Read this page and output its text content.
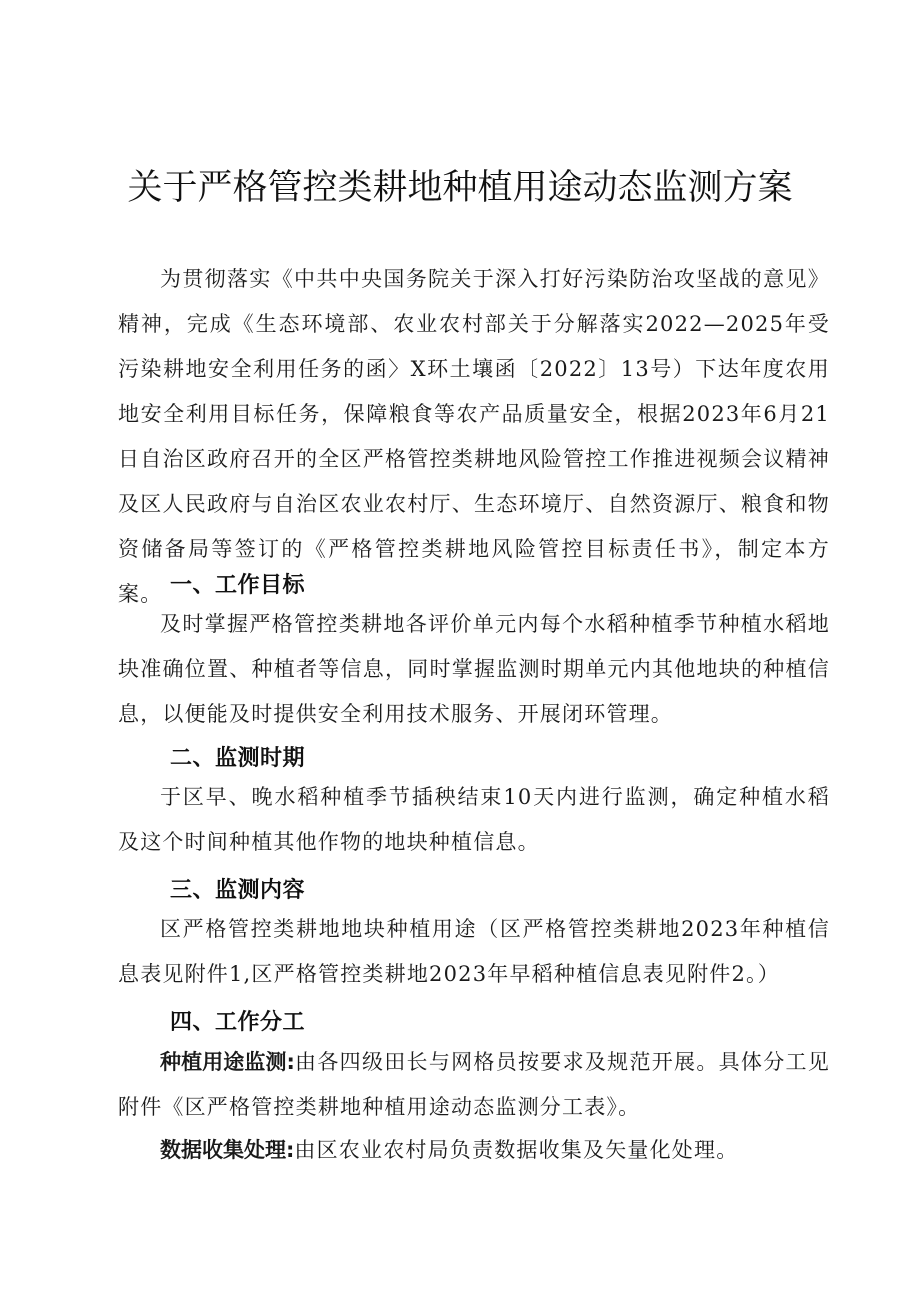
关于严格管控类耕地种植用途动态监测方案
为贯彻落实《中共中央国务院关于深入打好污染防治攻坚战的意见》精神，完成《生态环境部、农业农村部关于分解落实2022—2025年受污染耕地安全利用任务的函〉X环土壤函〔2022〕13号）下达年度农用地安全利用目标任务，保障粮食等农产品质量安全，根据2023年6月21日自治区政府召开的全区严格管控类耕地风险管控工作推进视频会议精神及区人民政府与自治区农业农村厅、生态环境厅、自然资源厅、粮食和物资储备局等签订的《严格管控类耕地风险管控目标责任书》，制定本方案。 一、工作目标
及时掌握严格管控类耕地各评价单元内每个水稻种植季节种植水稻地块准确位置、种植者等信息，同时掌握监测时期单元内其他地块的种植信息，以便能及时提供安全利用技术服务、开展闭环管理。
二、监测时期
于区早、晚水稻种植季节插秧结束10天内进行监测，确定种植水稻及这个时间种植其他作物的地块种植信息。
三、监测内容
区严格管控类耕地地块种植用途（区严格管控类耕地2023年种植信息表见附件1,区严格管控类耕地2023年早稻种植信息表见附件2。）
四、工作分工
种植用途监测:由各四级田长与网格员按要求及规范开展。具体分工见附件《区严格管控类耕地种植用途动态监测分工表》。
数据收集处理:由区农业农村局负责数据收集及矢量化处理。
